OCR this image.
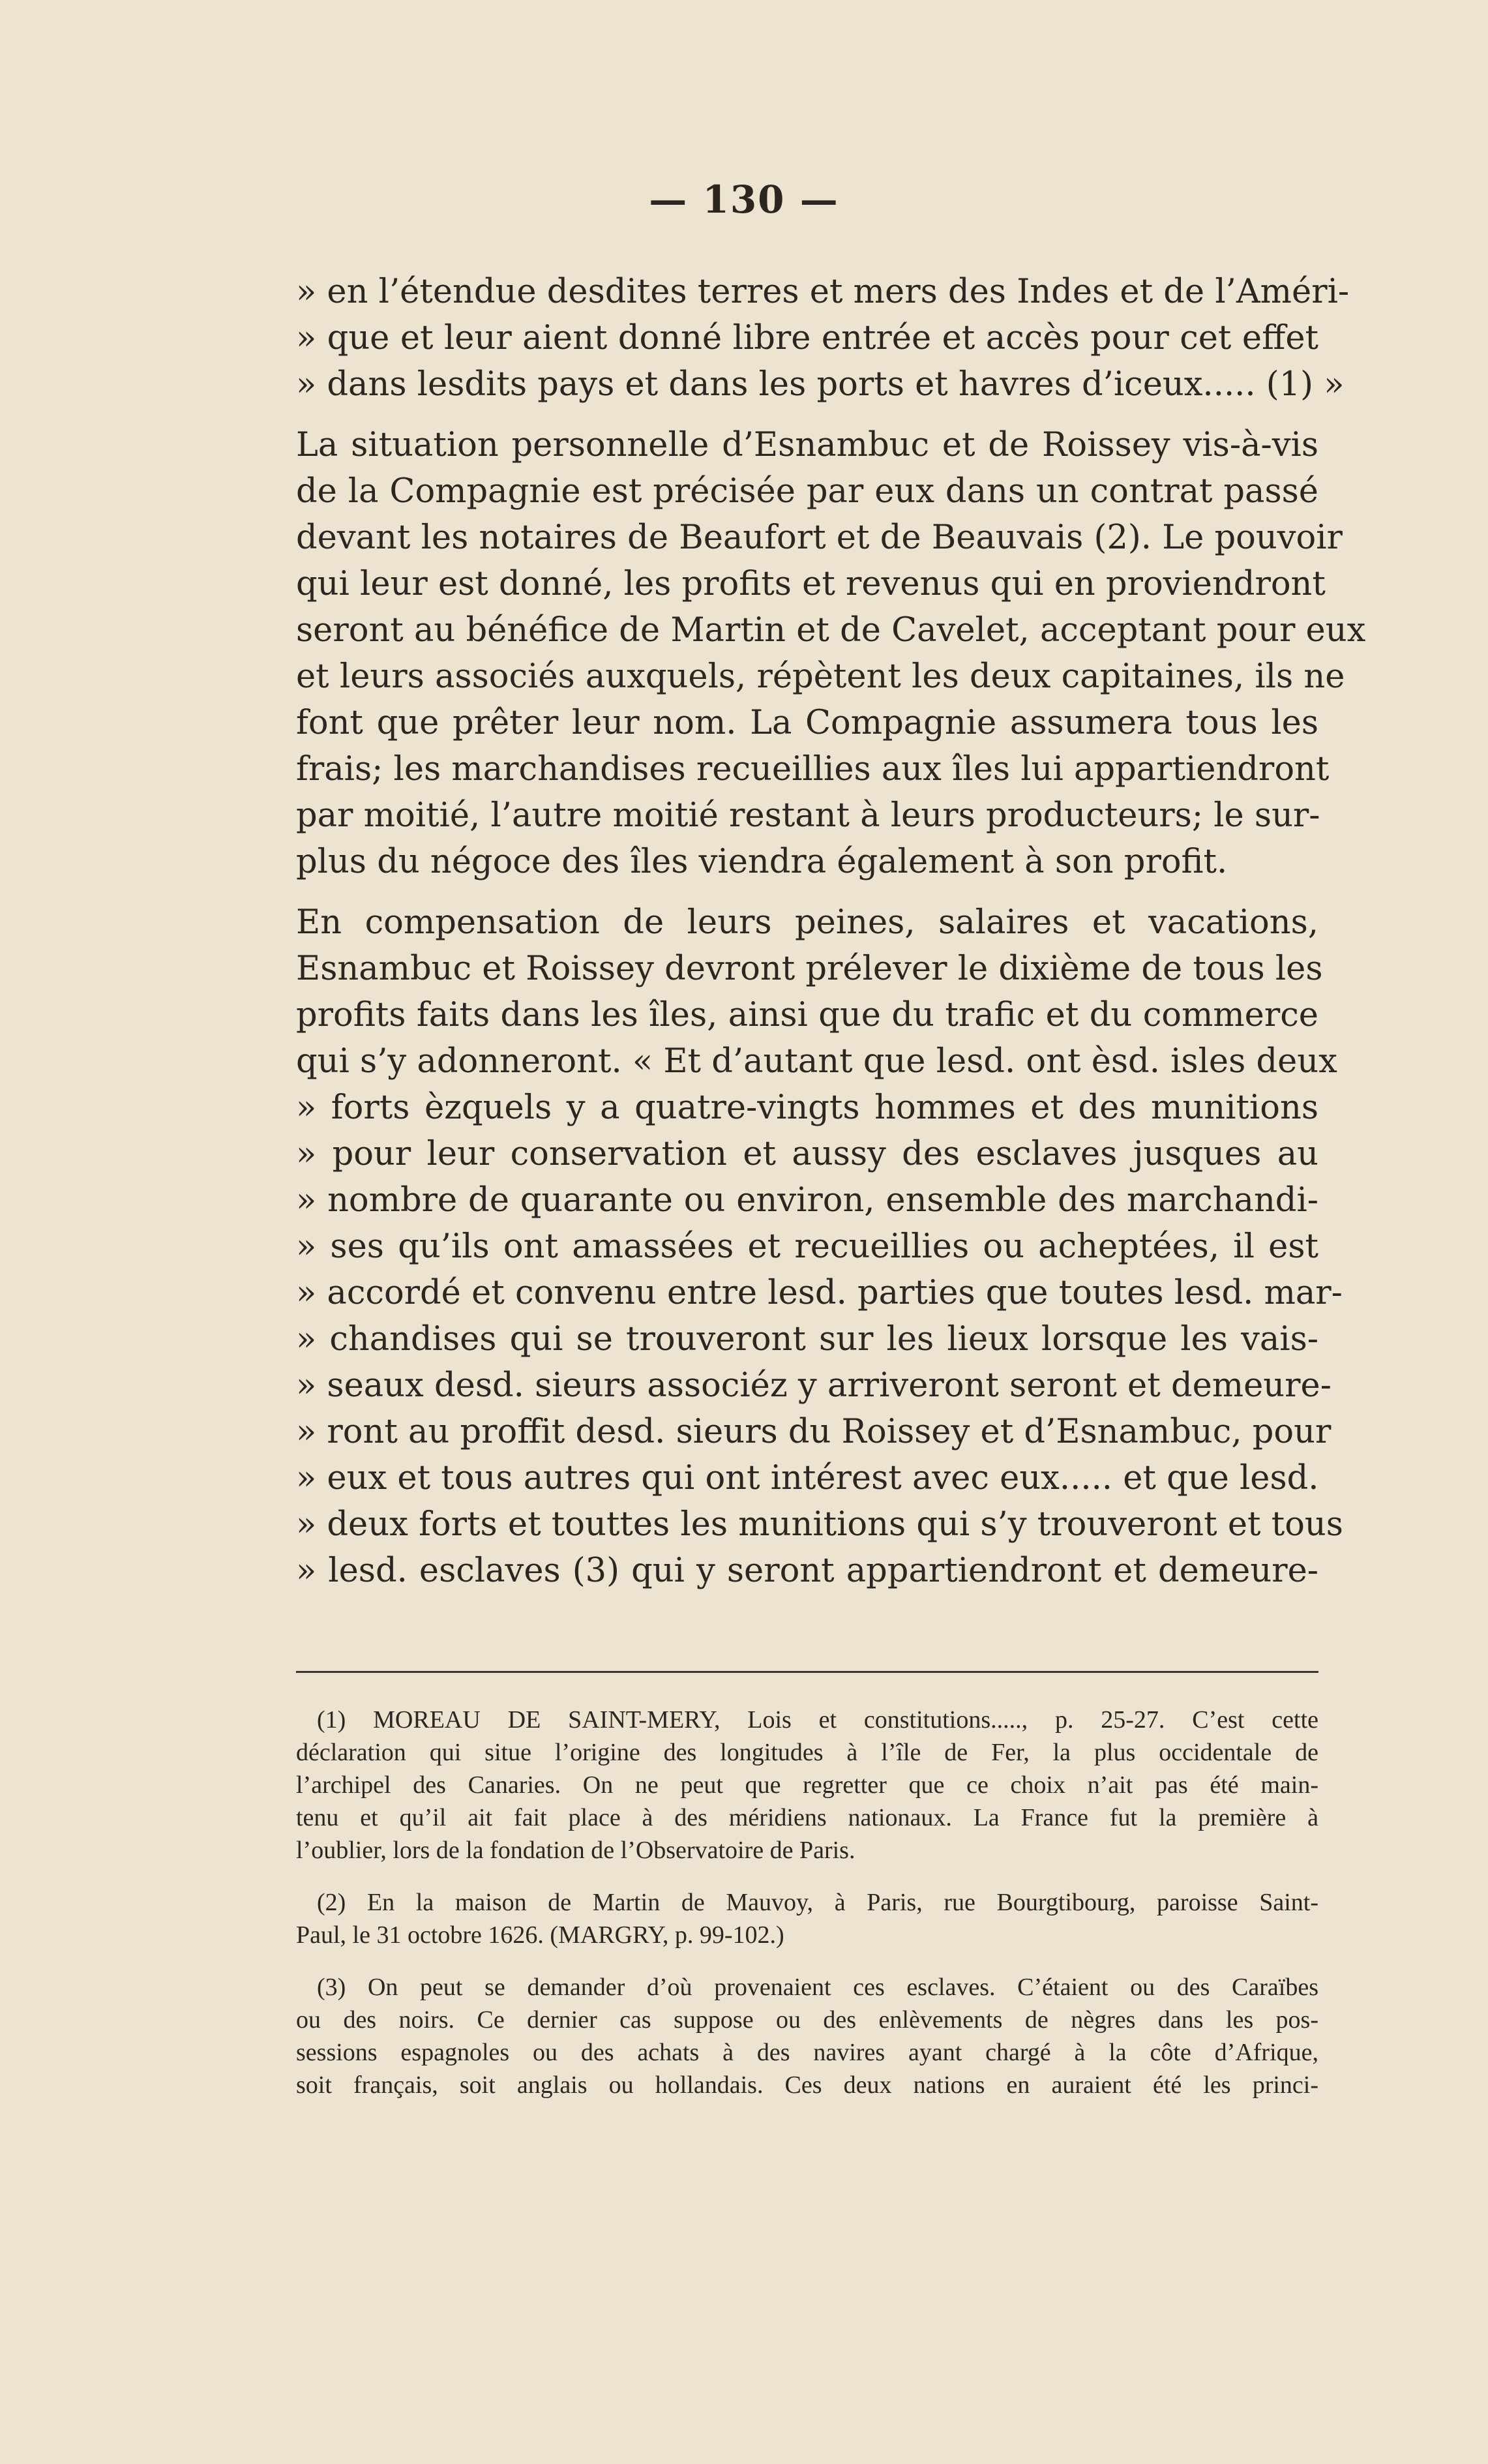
— 130 —
» en l’étendue desdites terres et mers des Indes et de l’Améri-
» que et leur aient donné libre entrée et accès pour cet effet
» dans lesdits pays et dans les ports et havres d’iceux..... (1) »
La situation personnelle d’Esnambuc et de Roissey vis-à-vis
de la Compagnie est précisée par eux dans un contrat passé
devant les notaires de Beaufort et de Beauvais (2). Le pouvoir
qui leur est donné, les profits et revenus qui en proviendront
seront au bénéfice de Martin et de Cavelet, acceptant pour eux
et leurs associés auxquels, répètent les deux capitaines, ils ne
font que prêter leur nom. La Compagnie assumera tous les
frais; les marchandises recueillies aux îles lui appartiendront
par moitié, l’autre moitié restant à leurs producteurs; le sur-
plus du négoce des îles viendra également à son profit.
En compensation de leurs peines, salaires et vacations,
Esnambuc et Roissey devront prélever le dixième de tous les
profits faits dans les îles, ainsi que du trafic et du commerce
qui s’y adonneront. « Et d’autant que lesd. ont èsd. isles deux
» forts èzquels y a quatre-vingts hommes et des munitions
» pour leur conservation et aussy des esclaves jusques au
» nombre de quarante ou environ, ensemble des marchandi-
» ses qu’ils ont amassées et recueillies ou acheptées, il est
» accordé et convenu entre lesd. parties que toutes lesd. mar-
» chandises qui se trouveront sur les lieux lorsque les vais-
» seaux desd. sieurs associéz y arriveront seront et demeure-
» ront au proffit desd. sieurs du Roissey et d’Esnambuc, pour
» eux et tous autres qui ont intérest avec eux..... et que lesd.
» deux forts et touttes les munitions qui s’y trouveront et tous
» lesd. esclaves (3) qui y seront appartiendront et demeure-
(1) MOREAU DE SAINT-MERY, Lois et constitutions....., p. 25-27. C’est cette
déclaration qui situe l’origine des longitudes à l’île de Fer, la plus occidentale de
l’archipel des Canaries. On ne peut que regretter que ce choix n’ait pas été main-
tenu et qu’il ait fait place à des méridiens nationaux. La France fut la première à
l’oublier, lors de la fondation de l’Observatoire de Paris.
(2) En la maison de Martin de Mauvoy, à Paris, rue Bourgtibourg, paroisse Saint-
Paul, le 31 octobre 1626. (MARGRY, p. 99-102.)
(3) On peut se demander d’où provenaient ces esclaves. C’étaient ou des Caraïbes
ou des noirs. Ce dernier cas suppose ou des enlèvements de nègres dans les pos-
sessions espagnoles ou des achats à des navires ayant chargé à la côte d’Afrique,
soit français, soit anglais ou hollandais. Ces deux nations en auraient été les princi-
